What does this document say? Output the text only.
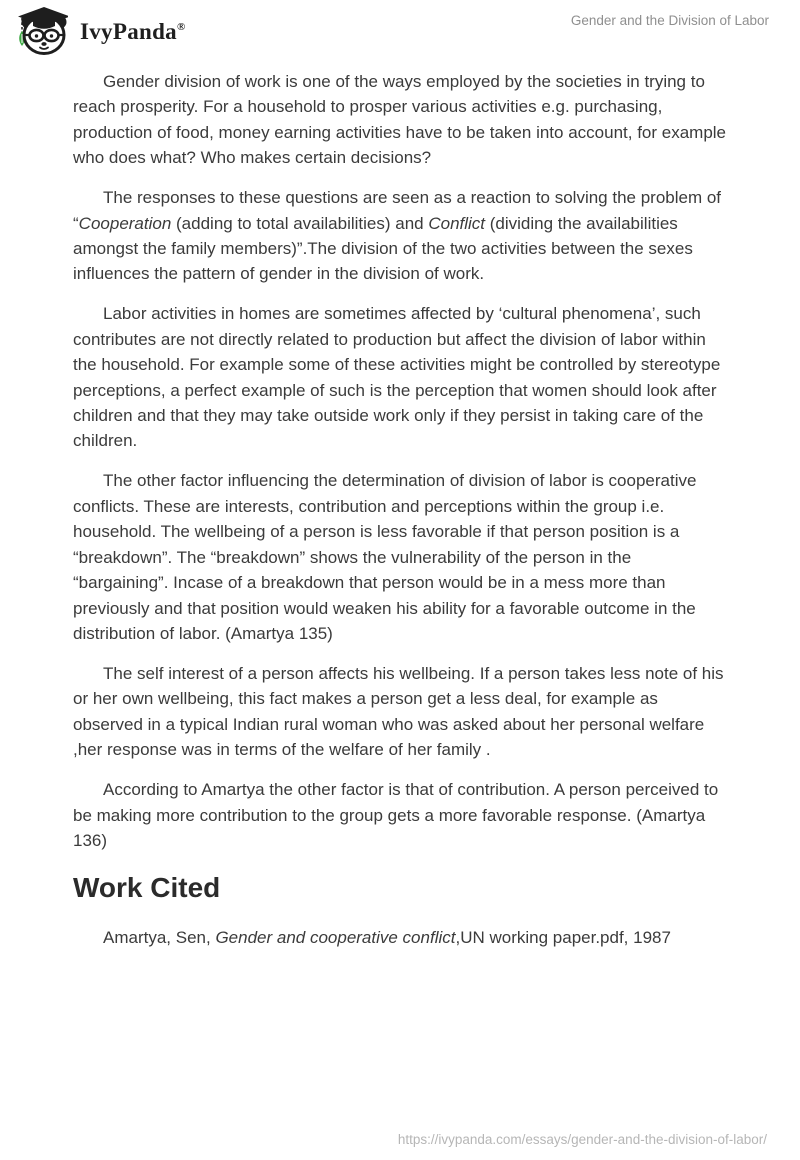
IvyPanda®	Gender and the Division of Labor

Gender division of work is one of the ways employed by the societies in trying to reach prosperity. For a household to prosper various activities e.g. purchasing, production of food, money earning activities have to be taken into account, for example who does what? Who makes certain decisions?

The responses to these questions are seen as a reaction to solving the problem of “Cooperation (adding to total availabilities) and Conflict (dividing the availabilities amongst the family members)”.The division of the two activities between the sexes influences the pattern of gender in the division of work.

Labor activities in homes are sometimes affected by ‘cultural phenomena’, such contributes are not directly related to production but affect the division of labor within the household. For example some of these activities might be controlled by stereotype perceptions, a perfect example of such is the perception that women should look after children and that they may take outside work only if they persist in taking care of the children.

The other factor influencing the determination of division of labor is cooperative conflicts. These are interests, contribution and perceptions within the group i.e. household. The wellbeing of a person is less favorable if that person position is a “breakdown”. The “breakdown” shows the vulnerability of the person in the “bargaining”. Incase of a breakdown that person would be in a mess more than previously and that position would weaken his ability for a favorable outcome in the distribution of labor. (Amartya 135)

The self interest of a person affects his wellbeing. If a person takes less note of his or her own wellbeing, this fact makes a person get a less deal, for example as observed in a typical Indian rural woman who was asked about her personal welfare ,her response was in terms of the welfare of her family .

According to Amartya the other factor is that of contribution. A person perceived to be making more contribution to the group gets a more favorable response. (Amartya 136)

Work Cited

Amartya, Sen, Gender and cooperative conflict,UN working paper.pdf, 1987

https://ivypanda.com/essays/gender-and-the-division-of-labor/
